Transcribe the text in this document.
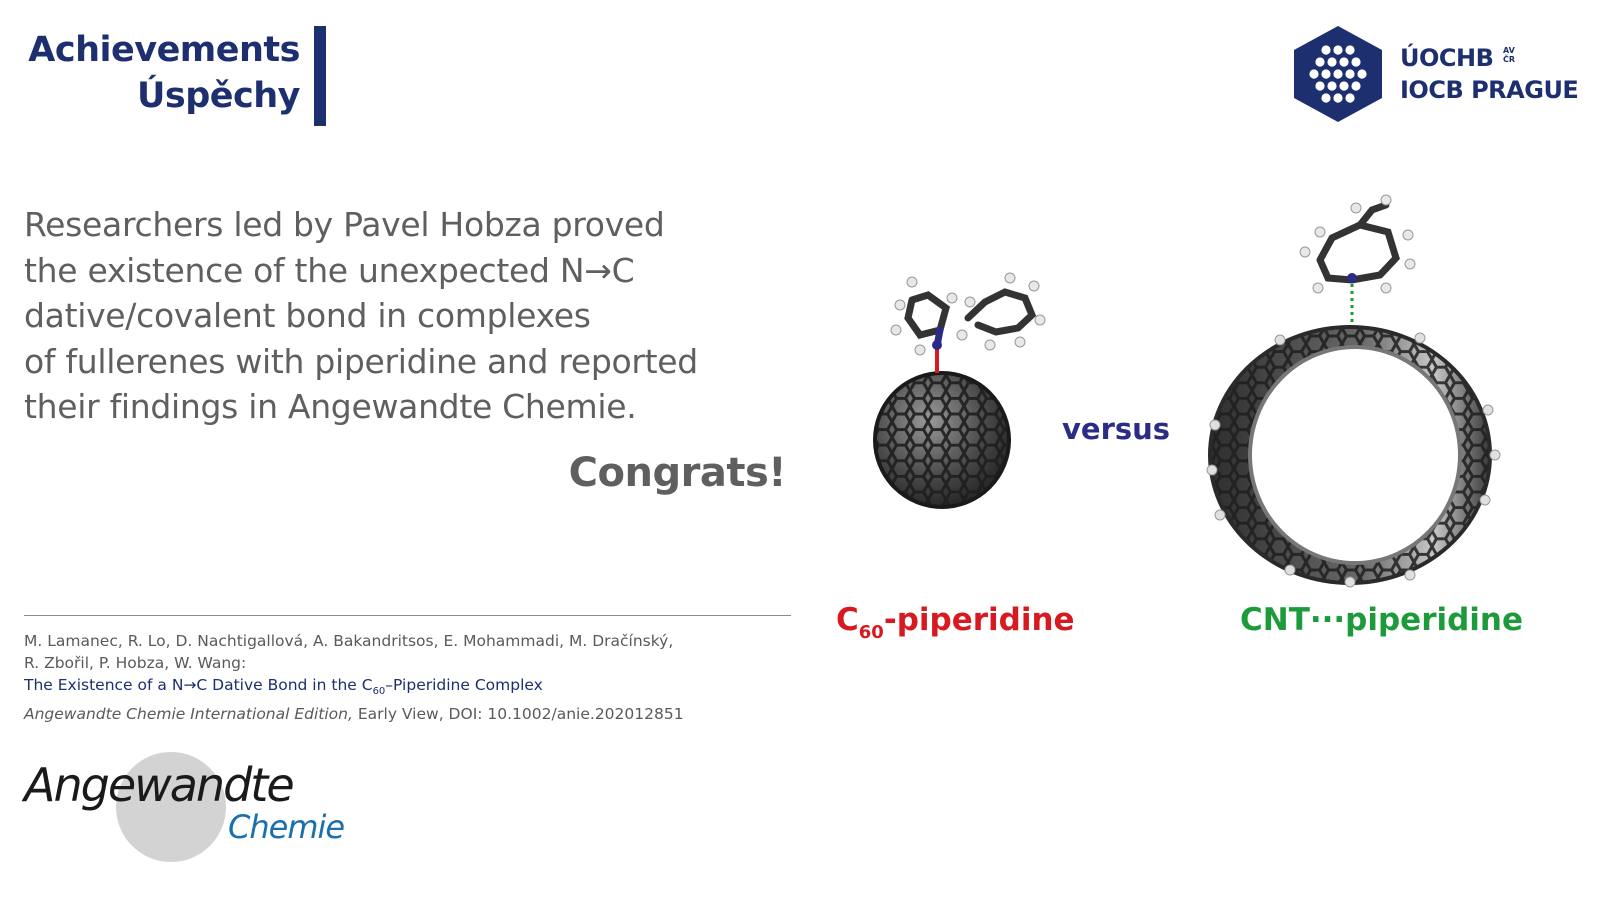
Achievements
Úspěchy
ÚOCHB AV
ČR
IOCB PRAGUE
Researchers led by Pavel Hobza proved
the existence of the unexpected N→C
dative/covalent bond in complexes
of fullerenes with piperidine and reported
their findings in Angewandte Chemie.
Congrats!
M. Lamanec, R. Lo, D. Nachtigallová, A. Bakandritsos, E. Mohammadi, M. Dračínský,
R. Zbořil, P. Hobza, W. Wang:
The Existence of a N→C Dative Bond in the $C_{60}$–Piperidine Complex
Angewandte Chemie International Edition, Early View, DOI: 10.1002/anie.202012851
Angewandte
Chemie
versus
$C_{60}$-piperidine	CNT···piperidine
